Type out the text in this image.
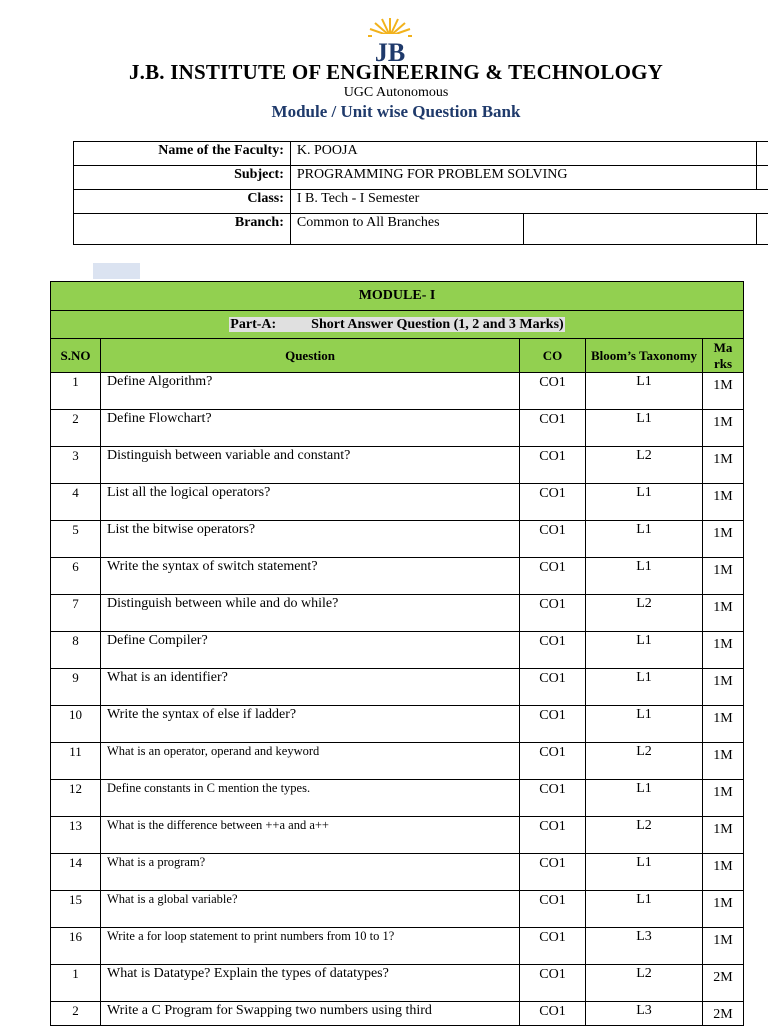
JB
J.B. INSTITUTE OF ENGINEERING & TECHNOLOGY
UGC Autonomous
Module / Unit wise Question Bank
Name of the Faculty:	K. POOJA		
Subject:	PROGRAMMING FOR PROBLEM SOLVING		
Class:	I B. Tech - I Semester		
Branch:	Common to All Branches		
MODULE- I				
Part-A:          Short Answer Question (1, 2 and 3 Marks)				
S.NO	Question	CO	Bloom’s Taxonomy	Ma rks
1	Define Algorithm?	CO1	L1	1M
2	Define Flowchart?	CO1	L1	1M
3	Distinguish between variable and constant?	CO1	L2	1M
4	List all the logical operators?	CO1	L1	1M
5	List the bitwise operators?	CO1	L1	1M
6	Write the syntax of switch statement?	CO1	L1	1M
7	Distinguish between while and do while?	CO1	L2	1M
8	Define Compiler?	CO1	L1	1M
9	What is an identifier?	CO1	L1	1M
10	Write the syntax of else if ladder?	CO1	L1	1M
11	What is an operator, operand and keyword	CO1	L2	1M
12	Define constants in C mention the types.	CO1	L1	1M
13	What is the difference between ++a and a++	CO1	L2	1M
14	What is a program?	CO1	L1	1M
15	What is a global variable?	CO1	L1	1M
16	Write a for loop statement to print numbers from 10 to 1?	CO1	L3	1M
1	What is Datatype? Explain the types of datatypes?	CO1	L2	2M
2	Write a C Program for Swapping two numbers using third	CO1	L3	2M
